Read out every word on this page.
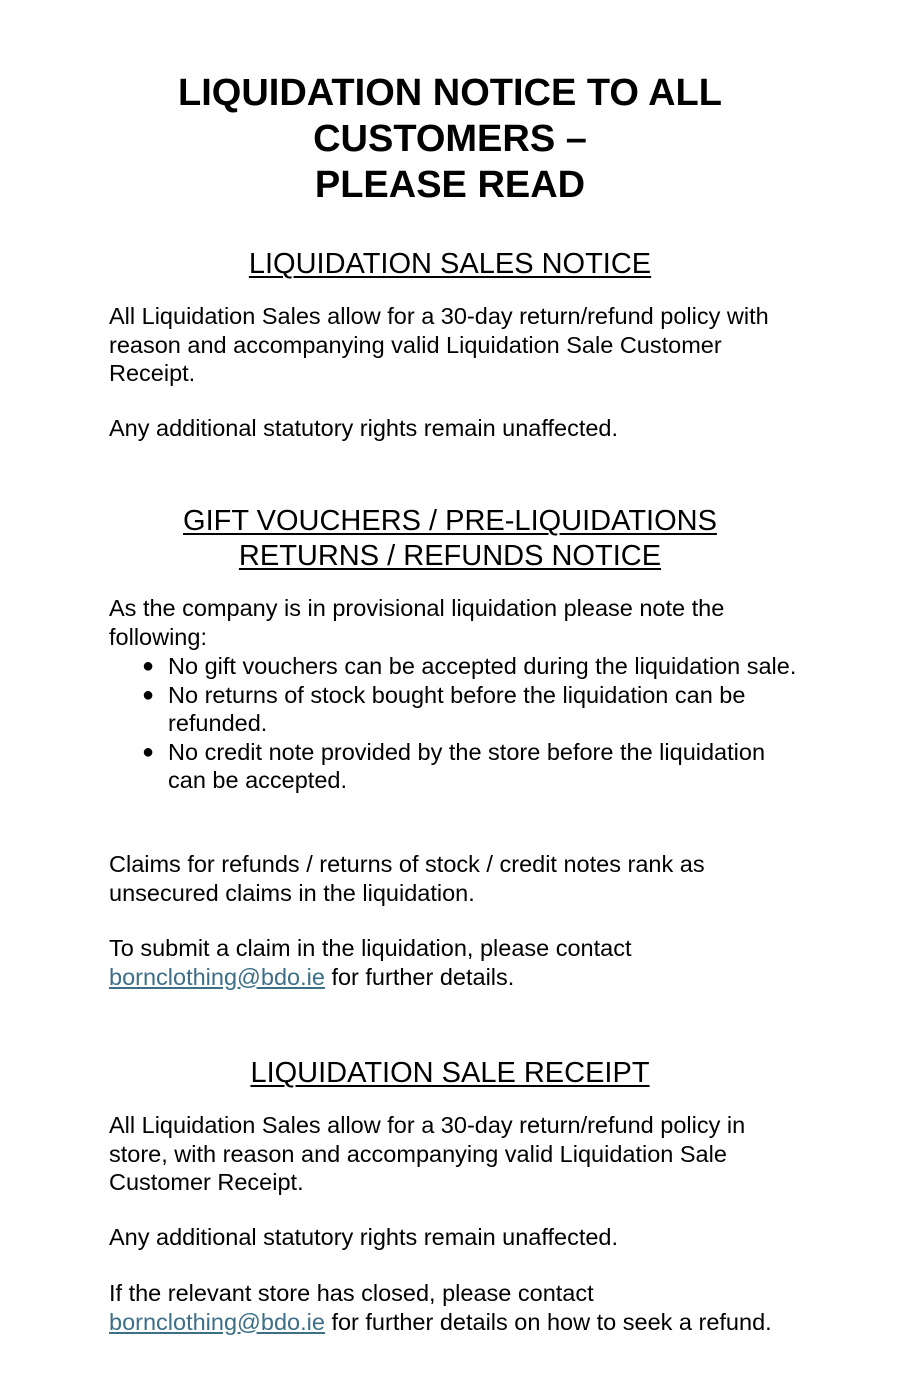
LIQUIDATION NOTICE TO ALL
CUSTOMERS –
PLEASE READ
LIQUIDATION SALES NOTICE

All Liquidation Sales allow for a 30-day return/refund policy with reason and accompanying valid Liquidation Sale Customer Receipt.

Any additional statutory rights remain unaffected.

GIFT VOUCHERS / PRE-LIQUIDATIONS
RETURNS / REFUNDS NOTICE

As the company is in provisional liquidation please note the following:

● No gift vouchers can be accepted during the liquidation sale.
● No returns of stock bought before the liquidation can be refunded.
● No credit note provided by the store before the liquidation can be accepted.

Claims for refunds / returns of stock / credit notes rank as unsecured claims in the liquidation.

To submit a claim in the liquidation, please contact
bornclothing@bdo.ie for further details.

LIQUIDATION SALE RECEIPT

All Liquidation Sales allow for a 30-day return/refund policy in store, with reason and accompanying valid Liquidation Sale Customer Receipt.

Any additional statutory rights remain unaffected.

If the relevant store has closed, please contact
bornclothing@bdo.ie for further details on how to seek a refund.
